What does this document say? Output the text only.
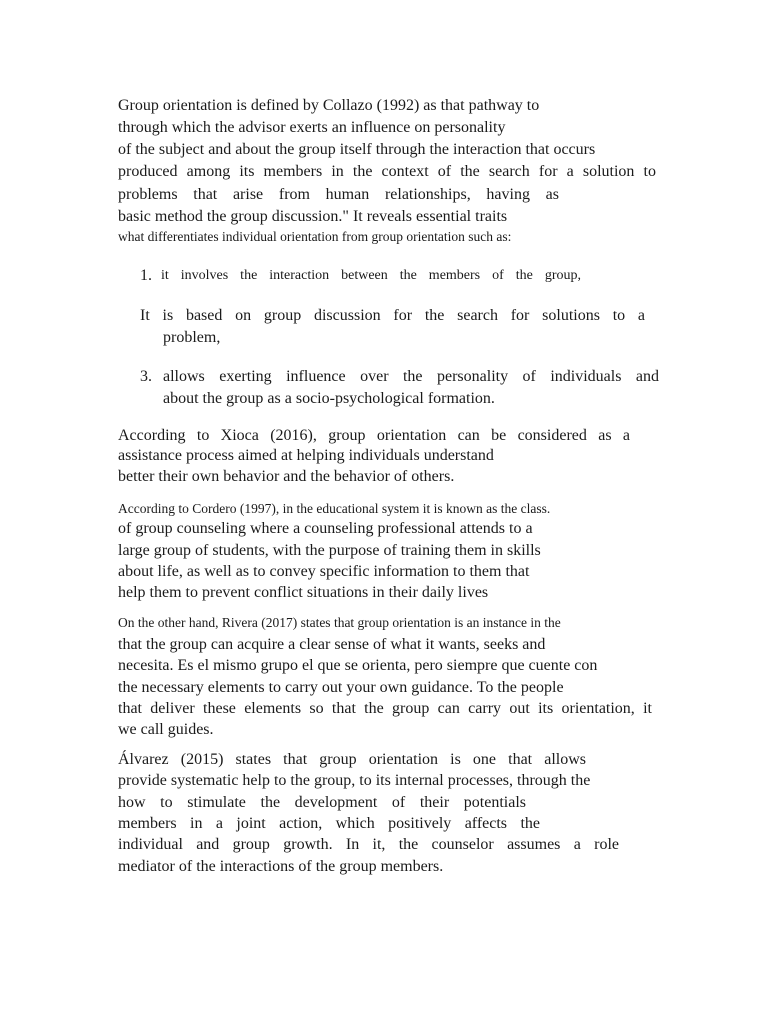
Group orientation is defined by Collazo (1992) as that pathway to
through which the advisor exerts an influence on personality
of the subject and about the group itself through the interaction that occurs
produced among its members in the context of the search for a solution to
problems that arise from human relationships, having as
basic method the group discussion." It reveals essential traits
what differentiates individual orientation from group orientation such as:
1. it involves the interaction between the members of the group,
It is based on group discussion for the search for solutions to a
problem,
3. allows exerting influence over the personality of individuals and
about the group as a socio-psychological formation.
According to Xioca (2016), group orientation can be considered as a
assistance process aimed at helping individuals understand
better their own behavior and the behavior of others.
According to Cordero (1997), in the educational system it is known as the class.
of group counseling where a counseling professional attends to a
large group of students, with the purpose of training them in skills
about life, as well as to convey specific information to them that
help them to prevent conflict situations in their daily lives
On the other hand, Rivera (2017) states that group orientation is an instance in the
that the group can acquire a clear sense of what it wants, seeks and
necesita. Es el mismo grupo el que se orienta, pero siempre que cuente con
the necessary elements to carry out your own guidance. To the people
that deliver these elements so that the group can carry out its orientation, it
we call guides.
Álvarez (2015) states that group orientation is one that allows
provide systematic help to the group, to its internal processes, through the
how to stimulate the development of their potentials
members in a joint action, which positively affects the
individual and group growth. In it, the counselor assumes a role
mediator of the interactions of the group members.
